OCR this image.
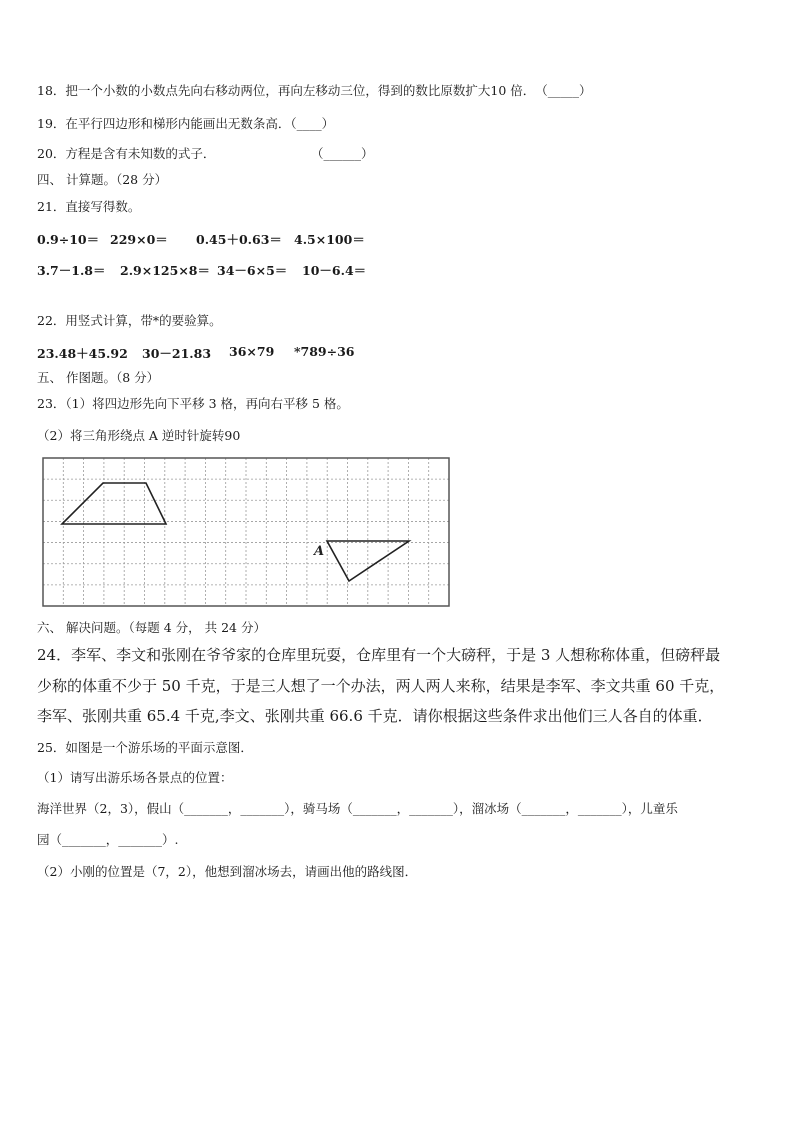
18．把一个小数的小数点先向右移动两位，再向左移动三位，得到的数比原数扩大10 倍．　（_____）
19．在平行四边形和梯形内能画出无数条高．（____）
20．方程是含有未知数的式子．	（______）
四、 计算题。（28 分）
21．直接写得数。
0.9÷10＝ 229×0＝ 0.45＋0.63＝ 4.5×100＝
3.7－1.8＝ 2.9×125×8＝ 34－6×5＝ 10－6.4＝
22．用竖式计算，带*的要验算。
23.48＋45.92 30－21.83 36×79 *789÷36
五、 作图题。（8 分）
23．（1）将四边形先向下平移 3 格，再向右平移 5 格。
（2）将三角形绕点 A 逆时针旋转90
A
六、 解决问题。（每题 4 分， 共 24 分）
24．李军、李文和张刚在爷爷家的仓库里玩耍，仓库里有一个大磅秤，于是 3 人想称称体重，但磅秤最
少称的体重不少于 50 千克，于是三人想了一个办法，两人两人来称，结果是李军、李文共重 60 千克，
李军、张刚共重 65.4 千克,李文、张刚共重 66.6 千克．请你根据这些条件求出他们三人各自的体重．
25．如图是一个游乐场的平面示意图．
（1）请写出游乐场各景点的位置：
海洋世界（2，3），假山（_______，_______），骑马场（_______，_______），溜冰场（_______，_______），儿童乐
园（_______，_______）.
（2）小刚的位置是（7，2），他想到溜冰场去，请画出他的路线图．
